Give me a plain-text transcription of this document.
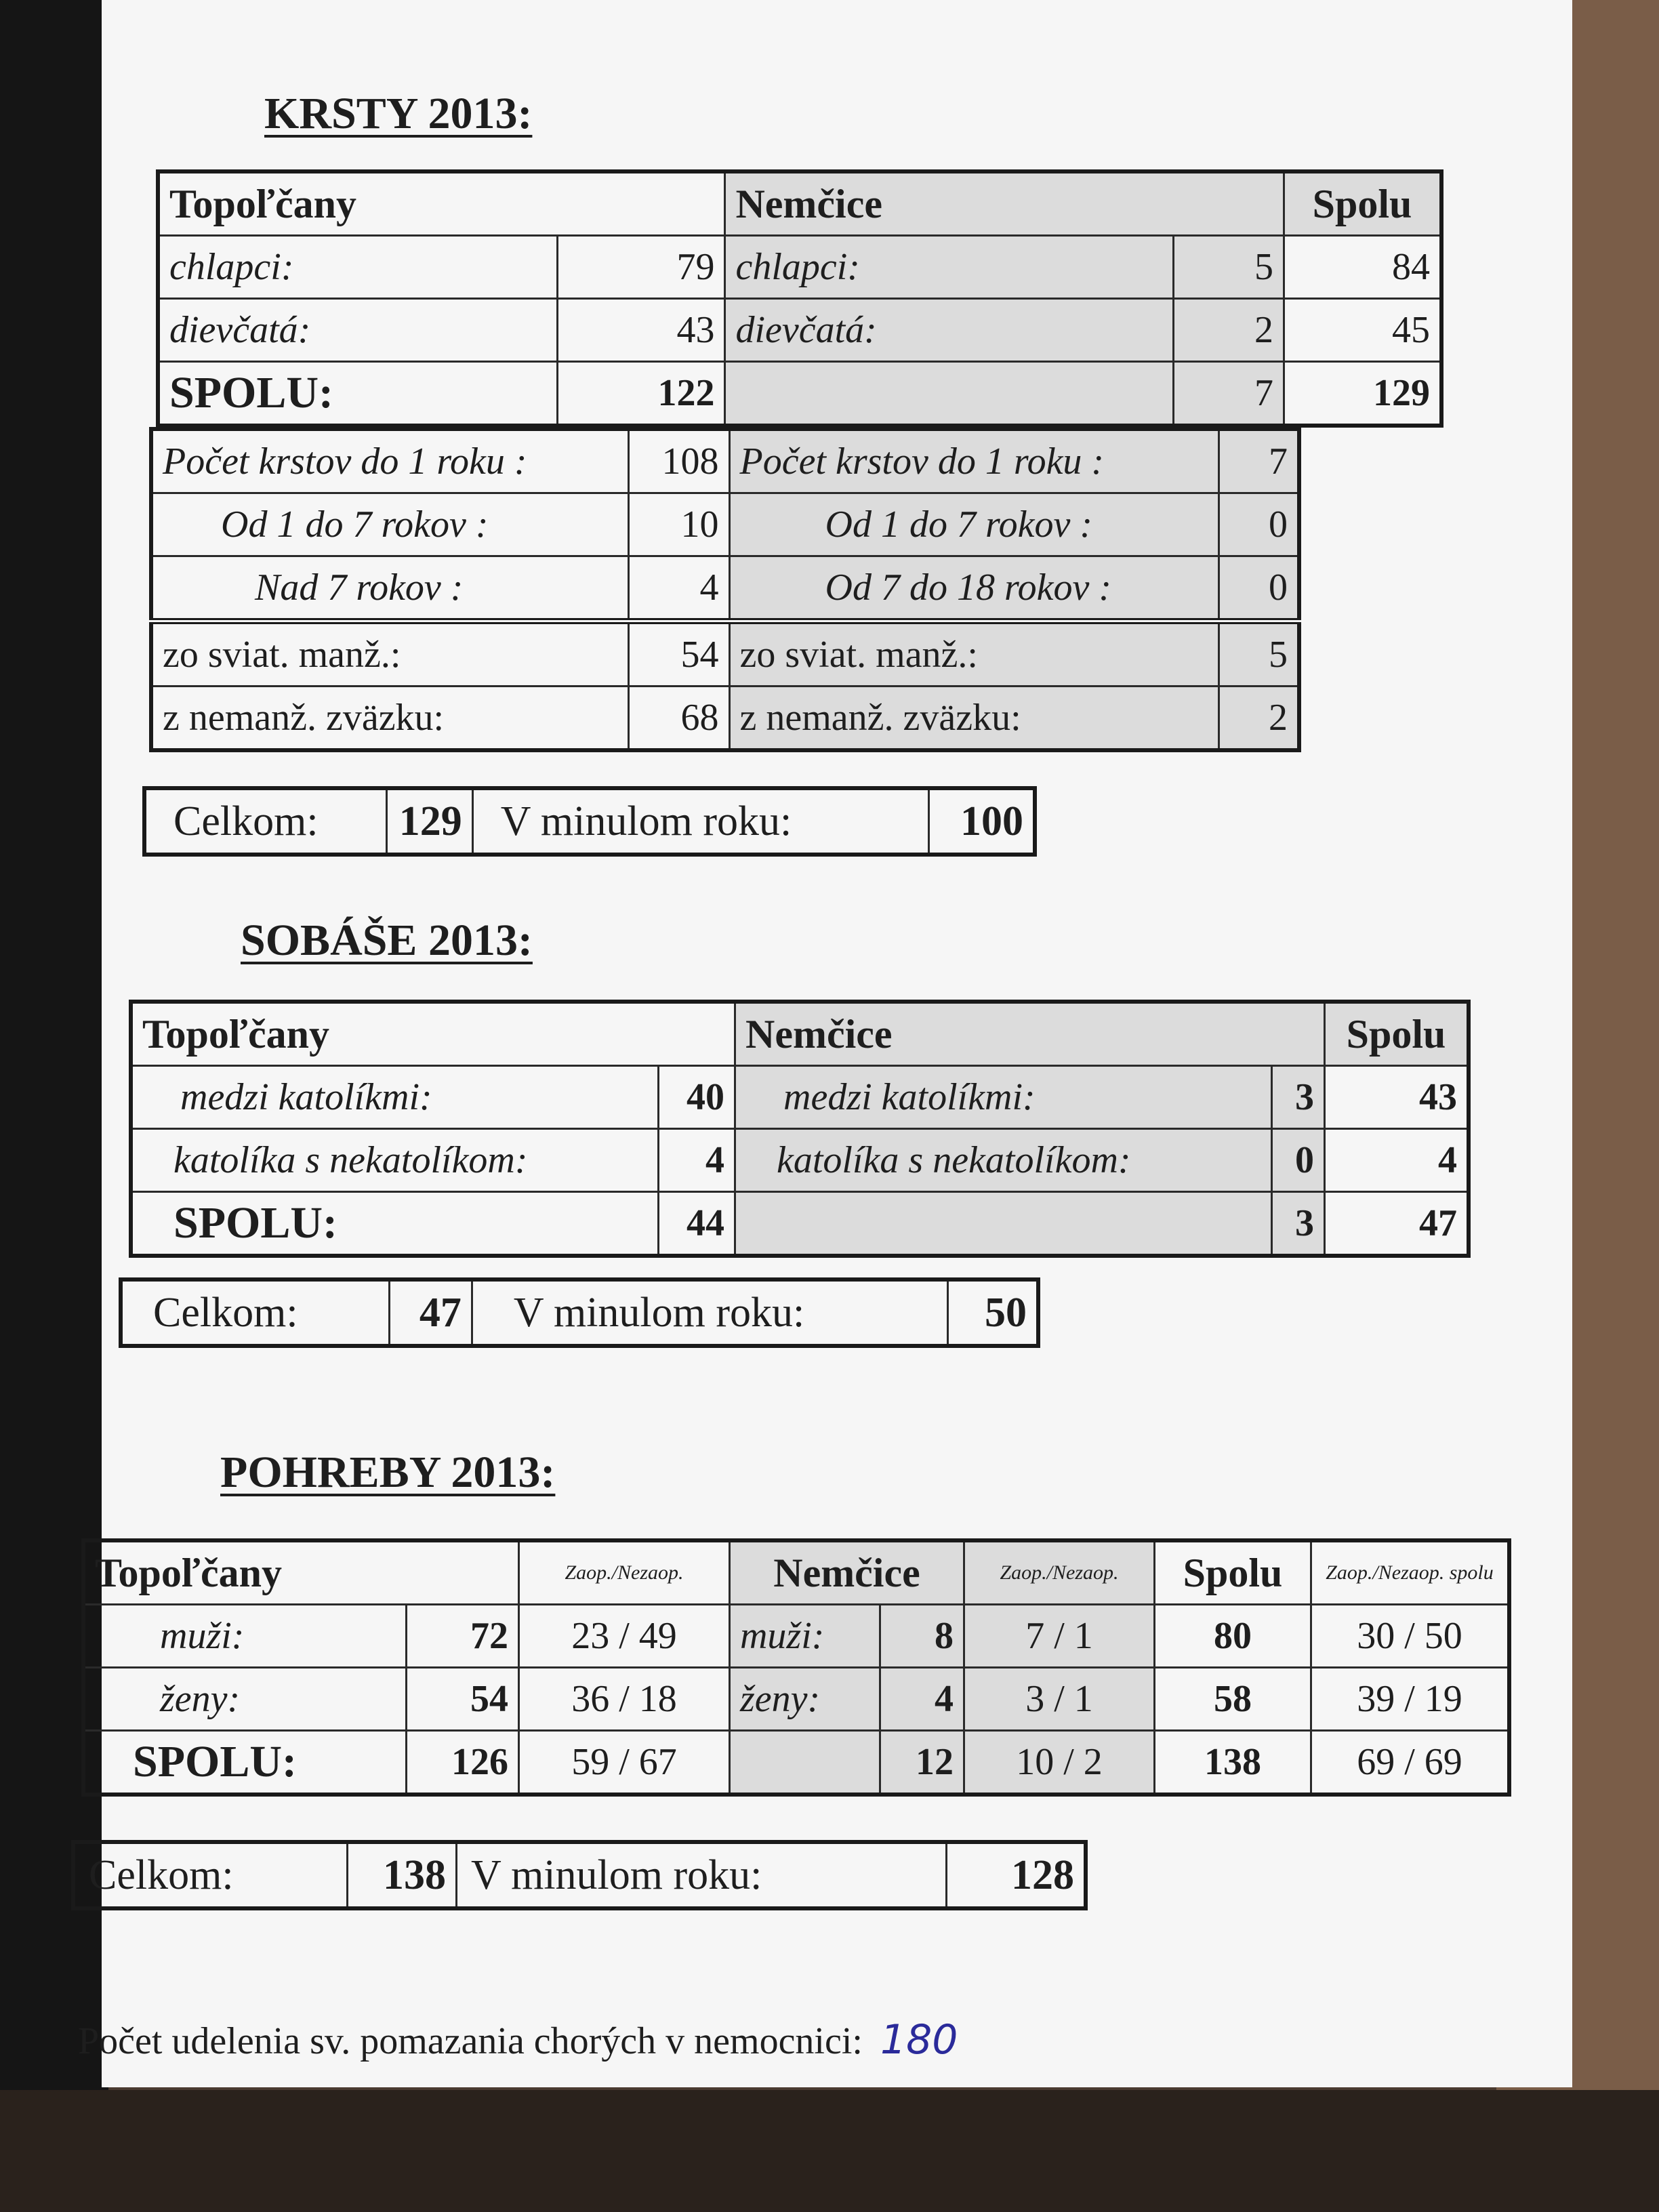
KRSTY 2013:
Topoľčany		Nemčice		Spolu
chlapci:	79	chlapci:	5	84
dievčatá:	43	dievčatá:	2	45
SPOLU:	122		7	129
Počet krstov do 1 roku :	108	Počet krstov do 1 roku :	7
Od 1 do 7 rokov :	10	Od 1 do 7 rokov :	0
Nad 7 rokov :	4	Od 7 do 18 rokov :	0
zo sviat. manž.:	54	zo sviat. manž.:	5
z nemanž. zväzku:	68	z nemanž. zväzku:	2
Celkom:	129	V minulom roku:	100
SOBÁŠE 2013:
Topoľčany		Nemčice		Spolu
medzi katolíkmi:	40	medzi katolíkmi:	3	43
katolíka s nekatolíkom:	4	katolíka s nekatolíkom:	0	4
SPOLU:	44		3	47
Celkom:	47	V minulom roku:	50
POHREBY 2013:
Topoľčany		Zaop./Nezaop.	Nemčice		Zaop./Nezaop.	Spolu	Zaop./Nezaop. spolu
muži:	72	23 / 49	muži:	8	7 / 1	80	30 / 50
ženy:	54	36 / 18	ženy:	4	3 / 1	58	39 / 19
SPOLU:	126	59 / 67		12	10 / 2	138	69 / 69
Celkom:	138	V minulom roku:	128
Počet udelenia sv. pomazania chorých v nemocnici: 180
